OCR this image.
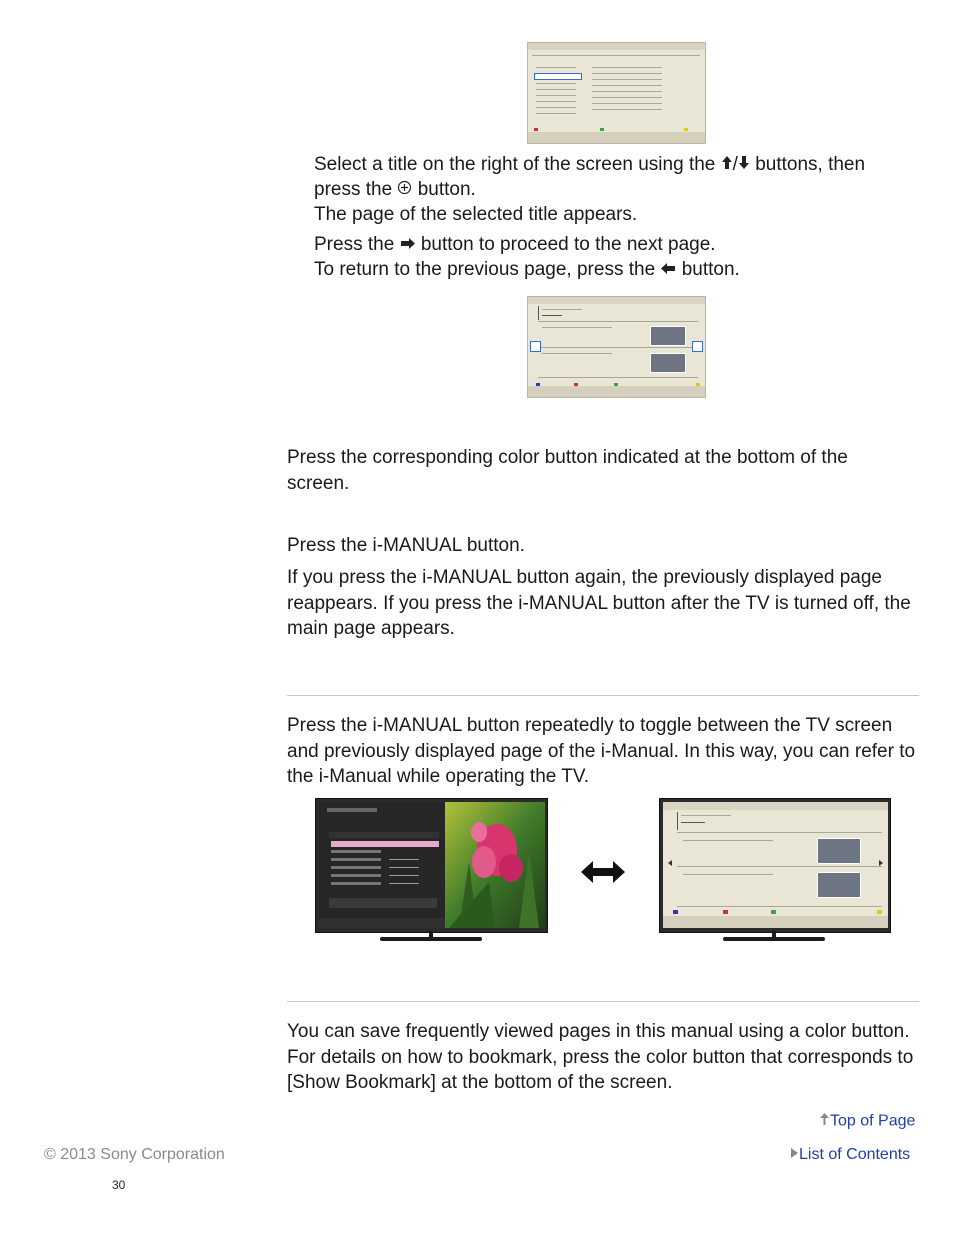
Select a title on the right of the screen using the / buttons, then

press the button.

The page of the selected title appears.

Press the button to proceed to the next page.

To return to the previous page, press the button.

Press the corresponding color button indicated at the bottom of the screen.

Press the i-MANUAL button.

If you press the i-MANUAL button again, the previously displayed page reappears. If you press the i-MANUAL button after the TV is turned off, the main page appears.

Press the i-MANUAL button repeatedly to toggle between the TV screen and previously displayed page of the i-Manual. In this way, you can refer to the i-Manual while operating the TV.

You can save frequently viewed pages in this manual using a color button. For details on how to bookmark, press the color button that corresponds to [Show Bookmark] at the bottom of the screen.

Top of Page
© 2013 Sony Corporation	List of Contents
30
